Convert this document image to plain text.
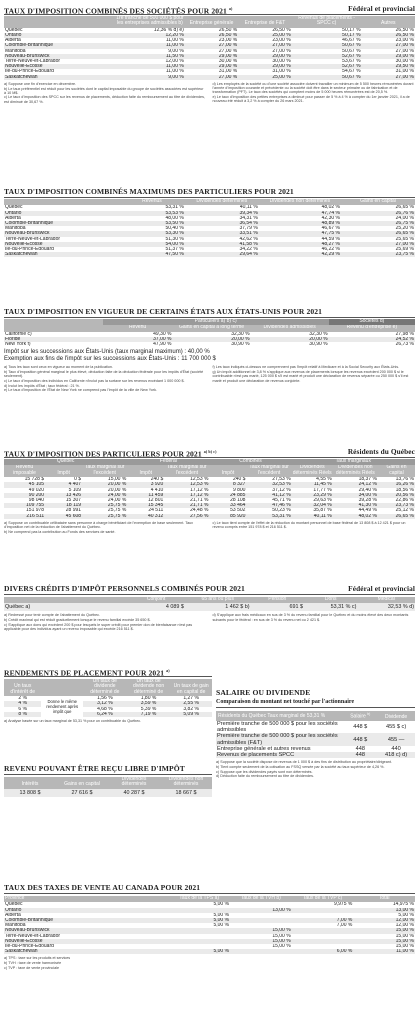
TAUX D'IMPOSITION COMBINÉS DES SOCIÉTÉS POUR 2021 $^{a)}$	Fédéral et provincial
	1re tranche de 500 000 $ pour les entreprises admissibles b)	Entreprise générale	Entreprise de F&T	Revenus de placements - SPCC c)	Autres
Québec	12,36 % d) e)	26,50 %	26,50 %	50,17 %	26,50 %
Ontario	12,20 %	26,50 %	25,00 %	50,17 %	26,50 %
Alberta	11,00 %	23,00 %	23,00 %	46,67 %	23,00 %
Colombie-Britannique	11,00 %	27,00 %	27,00 %	50,67 %	27,00 %
Manitoba	9,00 %	27,00 %	27,00 %	50,67 %	27,00 %
Nouveau-Brunswick	11,50 %	29,00 %	29,00 %	52,67 %	29,00 %
Terre-Neuve-et-Labrador	12,00 %	30,00 %	30,00 %	53,67 %	30,00 %
Nouvelle-Écosse	11,00 %	29,00 %	29,00 %	52,67 %	29,50 %
Île-du-Prince-Édouard	11,00 %	31,00 %	31,00 %	54,67 %	31,00 %
Saskatchewan	9,00 %	27,00 %	25,00 %	50,67 %	27,00 %

a) Suppose une fin d'exercice en décembre.

b) Le taux préférentiel est réduit pour les sociétés dont le capital imposable du groupe de sociétés associées est supérieur à 10 M$.

c) Le taux d'imposition des SPCC sur les revenus de placements, déduction faite du remboursement au titre de dividendes, est diminué de 30,67 %.

d) Les employés de la société ou d'une société associée doivent travailler un minimum de 5 500 heures rémunérées durant l'année d'imposition courante et précédente ou la société doit être dans le secteur primaire ou de fabrication et de transformation (PFT). Le taux des sociétés qui comptent moins de 5 000 heures rémunérées est de 20,5 %.

e) Le taux d'imposition des petites entreprises a diminué pour passer de 5 % à 4 % à compter du 1er janvier 2021, il a de nouveau été réduit à 3,2 % à compter du 26 mars 2021.

TAUX D'IMPOSITION COMBINÉS MAXIMUMS DES PARTICULIERS POUR 2021
	Revenus	Dividendes déterminés	Dividendes non déterminés	Gains en capital
Québec	53,31 %	40,11 %	48,02 %	26,65 %
Ontario	53,53 %	39,34 %	47,74 %	26,76 %
Alberta	48,00 %	34,31 %	42,30 %	24,00 %
Colombie-Britannique	53,50 %	36,54 %	48,89 %	26,75 %
Manitoba	50,40 %	37,79 %	46,67 %	25,20 %
Nouveau-Brunswick	53,30 %	33,51 %	47,75 %	26,65 %
Terre-Neuve-et-Labrador	51,30 %	42,62 %	44,59 %	25,65 %
Nouvelle-Écosse	54,00 %	41,58 %	48,27 %	27,00 %
Île-du-Prince-Édouard	51,37 %	34,22 %	46,22 %	25,69 %
Saskatchewan	47,50 %	29,64 %	42,29 %	23,75 %
TAUX D'IMPOSITION EN VIGUEUR DE CERTAINS ÉTATS AUX ÉTATS-UNIS POUR 2021
	Particuliers a) b) c)			Sociétés d)
	Revenu	Gains en capital à long terme	Dividendes admissibles	Revenu d'entreprise e)
Californie c)	49,30 %	32,30 %	32,30 %	27,98 %
Floride	37,00 %	20,00 %	20,00 %	24,52 %
New York f)	47,90 %	30,90 %	30,90 %	26,73 %
Impôt sur les successions aux États-Unis (taux marginal maximum) : 40,00 %
Exemption aux fins de l'impôt sur les successions aux États-Unis : 11 700 000 $

a) Tous les taux sont ceux en vigueur au moment de la publication.

b) Taux d'imposition général marginal le plus élevé, déduction faite de la déduction fédérale pour les impôts d'État (société seulement).

c) Le taux d'imposition des individus en Californie n'inclut pas la surtaxe sur les revenus excédant 1 000 000 $.

d) Inclut les impôts d'État ; taux fédéral : 21 %.

e) Le taux d'imposition de l'État de New York ne comprend pas l'impôt de la ville de New York.

f) Les taux indiqués ci-dessus ne comprennent pas l'impôt relatif à Medicare et à la Social Security aux États-Unis.

g) Un impôt additionnel de 3,8 % s'applique aux revenus de placements lorsque les revenus excèdent 200 000 $ si le contribuable n'est pas marié, 125 000 $ s'il est marié et produit une déclaration de revenus séparée ou 250 000 $ s'il est marié et produit une déclaration de revenus conjointe.

TAUX D'IMPOSITION DES PARTICULIERS POUR 2021 $^{a) b) c)}$	Résidents du Québec
Québec			Fédéral		Combinés		Taux marginaux		
Revenu imposable	Impôt	Taux marginal sur l'excédent	Impôt	Taux marginal sur l'excédent	Impôt	Taux marginal sur l'excédent	Dividendes déterminés Réels	Dividendes non déterminés Réels	Gains en capital
15 728 $	0 $	15,00 %	240 $	12,53 %	240 $	27,53 %	4,55 %	18,37 %	13,76 %
45 105	4 407	20,00 %	3 920	12,53 %	8 327	32,53 %	11,45 %	24,12 %	16,26 %
49 020	5 109	20,00 %	4 410	17,12 %	9 800	37,12 %	17,77 %	29,40 %	18,56 %
90 200	13 426	24,00 %	11 459	17,12 %	24 885	41,12 %	23,29 %	34,00 %	20,56 %
98 040	15 307	24,00 %	12 801	21,71 %	28 108	45,71 %	29,63 %	39,28 %	22,86 %
109 755	18 119	25,75 %	15 345	21,71 %	33 464	47,46 %	32,04 %	41,30 %	23,73 %
151 978	28 991	25,75 %	24 511	24,48 %	53 502	50,23 %	35,87 %	44,49 %	25,12 %
216 511	45 608	25,75 %	40 312	27,56 %	85 920	53,31 %	40,11 %	48,02 %	26,65 %

a) Suppose un contribuable célibataire sans personne à charge bénéficiant de l'exemption de base seulement. Taux d'imposition net de la réduction de l'abattement du Québec.

b) Ne comprend pas la contribution au Fonds des services de santé.

c) Le taux tient compte de l'effet de la réduction du montant personnel de base fédéral de 13 808 $ à 12 421 $ pour un revenu compris entre 151 978 $ et 216 511 $.

DIVERS CRÉDITS D'IMPÔT PERSONNELS COMBINÉS POUR 2021	Fédéral et provincial
	Conjoint	65 ans ou plus	Pension	Dons	Médical
Québec a)	4 089 $	1 462 $ b)	691 $	53,31 % c)	32,53 % d)

a) Redressé pour tenir compte de l'abattement du Québec.

b) Crédit maximal qui est réduit graduellement lorsque le revenu familial excède 35 650 $.

c) S'applique aux dons qui excèdent 200 $ pour lesquels le super crédit pour premier don de bienfaisance n'est pas applicable pour des individus ayant un revenu imposable qui excède 216 511 $.

d) S'applique aux frais médicaux en sus de 3 % du revenu familial pour le Québec et du moins élevé des deux montants suivants pour le fédéral : en sus de 3 % du revenu net ou 2 421 $.

RENDEMENTS DE PLACEMENT POUR 2021 $^{a)}$
Un taux d'intérêt de		Un taux de dividende déterminé de	Un taux de dividende non déterminé de	Un taux de gain en capital de
2 %	Donne le même rendement après impôt que	1,56 %	1,80 %	1,27 %
4 %		3,12 %	3,59 %	2,55 %
6 %		4,68 %	5,39 %	3,82 %
8 %		6,24 %	7,19 %	5,09 %

a) Analyse basée sur un taux marginal de 53,31 % pour un contribuable du Québec.

REVENU POUVANT ÊTRE REÇU LIBRE D'IMPÔT
Intérêts	Gains en capital	Dividendes déterminés	Dividendes non déterminés
13 808 $	27 616 $	40 287 $	18 667 $
SALAIRE OU DIVIDENDE
Comparaison du montant net touché par l'actionnaire
Résidents du Québec Taux marginal de 53,31 %	Salaire $^{b)}$	Dividende
Première tranche de 500 000 $ pour les sociétés admissibles	448 $	455 $ c)
Première tranche de 500 000 $ pour les sociétés admissibles (F&T)	448 $	455 —
Entreprise générale et autres revenus	448	440
Revenus de placements SPCC	448	418 c) d)

a) Suppose que la société dispose de revenus de 1 000 $ à des fins de distribution au propriétaire/dirigeant.

b) Tient compte seulement de la cotisation au FSSQ versée par la société au taux supérieur de 4,26 %.

c) Suppose que les dividendes payés sont non déterminés.

d) Déduction faite du remboursement au titre de dividendes.

TAUX DES TAXES DE VENTE AU CANADA POUR 2021
Province	Taux de la TPS a)	Taux de la TVH b)	Taux de la TVP c)	Total
Québec	5,00 %		9,975 %	14,975 %
Ontario		13,00 %		13,00 %
Alberta	5,00 %			5,00 %
Colombie-Britannique	5,00 %		7,00 %	12,00 %
Manitoba	5,00 %		7,00 %	12,00 %
Nouveau-Brunswick		15,00 %		15,00 %
Terre-Neuve-et-Labrador		15,00 %		15,00 %
Nouvelle-Écosse		15,00 %		15,00 %
Île-du-Prince-Édouard		15,00 %		15,00 %
Saskatchewan	5,00 %		6,00 %	11,00 %

a) TPS : taxe sur les produits et services

b) TVH : taxe de vente harmonisée

c) TVP : taxe de vente provinciale
